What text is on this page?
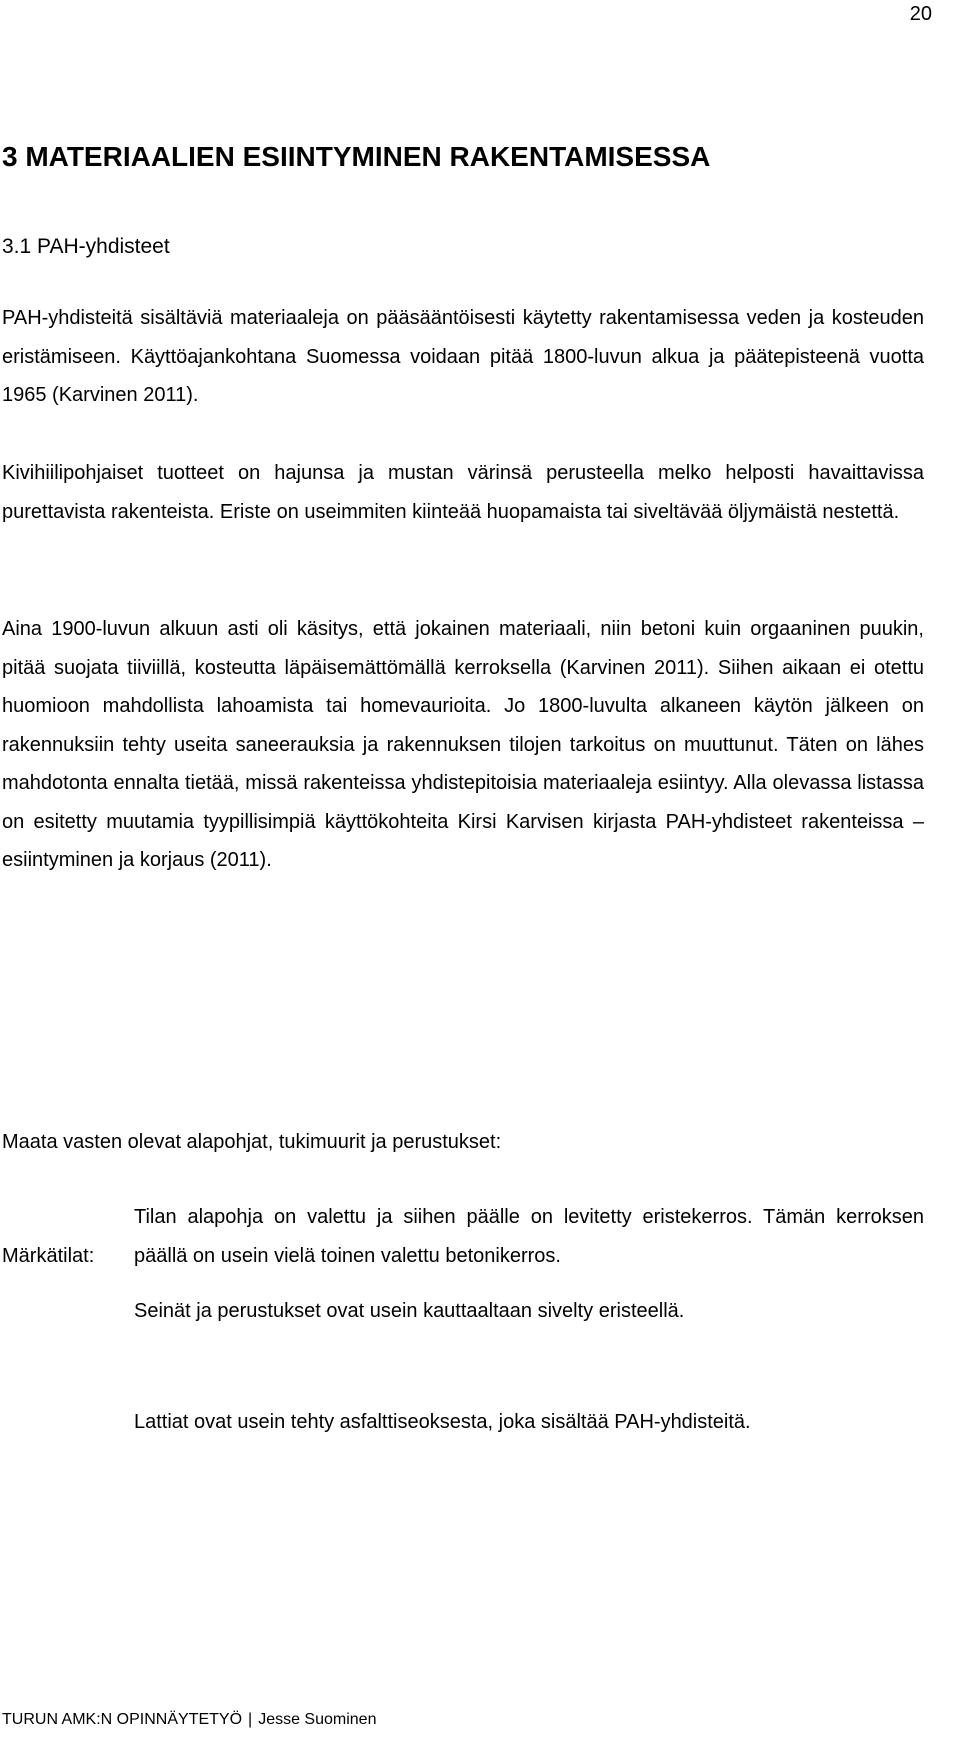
20
3 MATERIAALIEN ESIINTYMINEN RAKENTAMISESSA
3.1 PAH-yhdisteet

PAH-yhdisteitä sisältäviä materiaaleja on pääsääntöisesti käytetty rakentamisessa veden ja kosteuden eristämiseen. Käyttöajankohtana Suomessa voidaan pitää 1800-luvun alkua ja päätepisteenä vuotta 1965 (Karvinen 2011).

Kivihiilipohjaiset tuotteet on hajunsa ja mustan värinsä perusteella melko helposti havaittavissa purettavista rakenteista. Eriste on useimmiten kiinteää huopamaista tai siveltävää öljymäistä nestettä.

Aina 1900-luvun alkuun asti oli käsitys, että jokainen materiaali, niin betoni kuin orgaaninen puukin, pitää suojata tiiviillä, kosteutta läpäisemättömällä kerroksella (Karvinen 2011). Siihen aikaan ei otettu huomioon mahdollista lahoamista tai homevaurioita. Jo 1800-luvulta alkaneen käytön jälkeen on rakennuksiin tehty useita saneerauksia ja rakennuksen tilojen tarkoitus on muuttunut. Täten on lähes mahdotonta ennalta tietää, missä rakenteissa yhdistepitoisia materiaaleja esiintyy. Alla olevassa listassa on esitetty muutamia tyypillisimpiä käyttökohteita Kirsi Karvisen kirjasta PAH-yhdisteet rakenteissa – esiintyminen ja korjaus (2011).

Maata vasten olevat alapohjat, tukimuurit ja perustukset:

Tilan alapohja on valettu ja siihen päälle on levitetty eristekerros. Tämän kerroksen päällä on usein vielä toinen valettu betonikerros.

Seinät ja perustukset ovat usein kauttaaltaan sivelty eristeellä.

Märkätilat:

Lattiat ovat usein tehty asfalttiseoksesta, joka sisältää PAH-yhdisteitä.

TURUN AMK:N OPINNÄYTETYÖ | Jesse Suominen
